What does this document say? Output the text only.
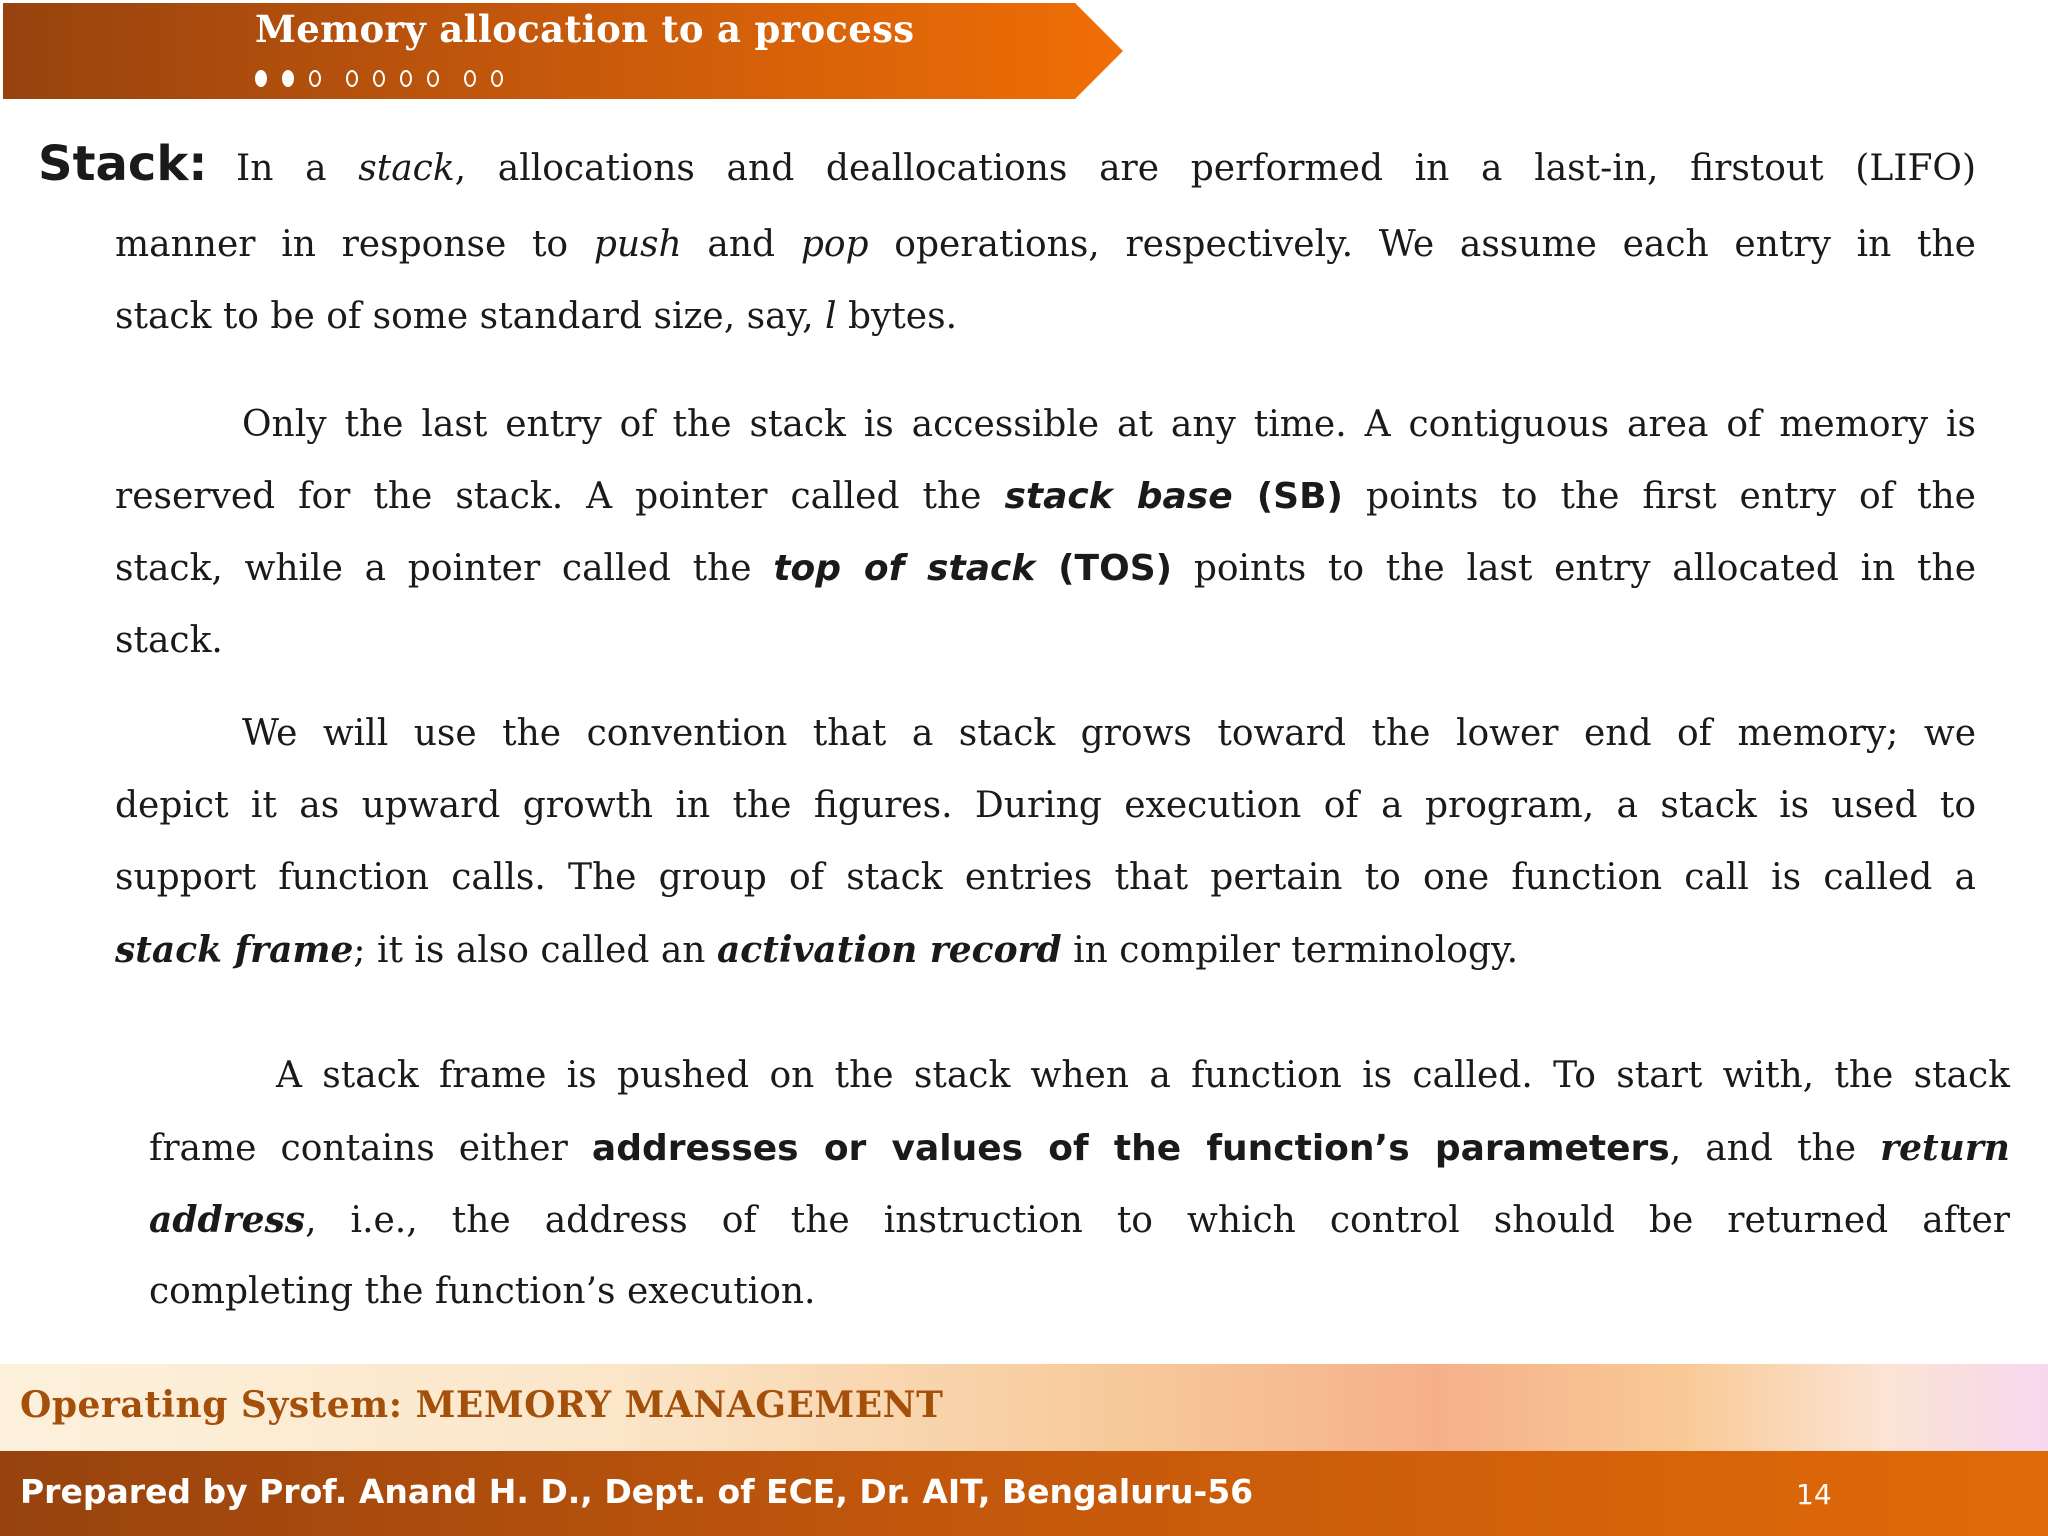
Memory allocation to a process
Stack: In a stack, allocations and deallocations are performed in a last-in, firstout (LIFO)
manner in response to push and pop operations, respectively. We assume each entry in the
stack to be of some standard size, say, l bytes.
Only the last entry of the stack is accessible at any time. A contiguous area of memory is
reserved for the stack. A pointer called the stack base (SB) points to the first entry of the
stack, while a pointer called the top of stack (TOS) points to the last entry allocated in the
stack.
We will use the convention that a stack grows toward the lower end of memory; we
depict it as upward growth in the figures. During execution of a program, a stack is used to
support function calls. The group of stack entries that pertain to one function call is called a
stack frame; it is also called an activation record in compiler terminology.
A stack frame is pushed on the stack when a function is called. To start with, the stack
frame contains either addresses or values of the function’s parameters, and the return
address, i.e., the address of the instruction to which control should be returned after
completing the function’s execution.
Operating System: MEMORY MANAGEMENT
Prepared by Prof. Anand H. D., Dept. of ECE, Dr. AIT, Bengaluru-56	14
